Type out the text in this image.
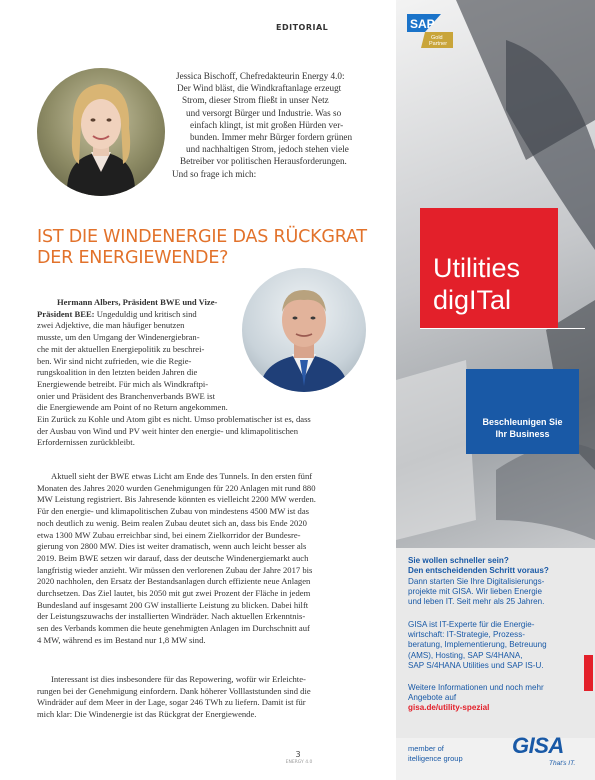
EDITORIAL
Jessica Bischoff, Chefredakteurin Energy 4.0:
Der Wind bläst, die Windkraftanlage erzeugt
Strom, dieser Strom fließt in unser Netz
und versorgt Bürger und Industrie. Was so
einfach klingt, ist mit großen Hürden ver-
bunden. Immer mehr Bürger fordern grünen
und nachhaltigen Strom, jedoch stehen viele
Betreiber vor politischen Herausforderungen.
Und so frage ich mich:
IST DIE WINDENERGIE DAS RÜCKGRAT
DER ENERGIEWENDE?
Hermann Albers, Präsident BWE und Vize-
Präsident BEE: Ungeduldig und kritisch sind
zwei Adjektive, die man häufiger benutzen
musste, um den Umgang der Windenergiebran-
che mit der aktuellen Energiepolitik zu beschrei-
ben. Wir sind nicht zufrieden, wie die Regie-
rungskoalition in den letzten beiden Jahren die
Energiewende betreibt. Für mich als Windkraftpi-
onier und Präsident des Branchenverbands BWE ist
die Energiewende am Point of no Return angekommen.
Ein Zurück zu Kohle und Atom gibt es nicht. Umso problematischer ist es, dass
der Ausbau von Wind und PV weit hinter den energie- und klimapolitischen
Erfordernissen zurückbleibt.
Aktuell sieht der BWE etwas Licht am Ende des Tunnels. In den ersten fünf
Monaten des Jahres 2020 wurden Genehmigungen für 220 Anlagen mit rund 880
MW Leistung registriert. Bis Jahresende könnten es vielleicht 2200 MW werden.
Für den energie- und klimapolitischen Zubau von mindestens 4500 MW ist das
noch deutlich zu wenig. Beim realen Zubau deutet sich an, dass bis Ende 2020
etwa 1300 MW Zubau erreichbar sind, bei einem Zielkorridor der Bundesre-
gierung von 2800 MW. Dies ist weiter dramatisch, wenn auch leicht besser als
2019. Beim BWE setzen wir darauf, dass der deutsche Windenergiemarkt auch
langfristig wieder anzieht. Wir müssen den verlorenen Zubau der Jahre 2017 bis
2020 nachholen, den Ersatz der Bestandsanlagen durch effiziente neue Anlagen
durchsetzen. Das Ziel lautet, bis 2050 mit gut zwei Prozent der Fläche in jedem
Bundesland auf insgesamt 200 GW installierte Leistung zu blicken. Dabei hilft
der Leistungszuwachs der installierten Windräder. Nach aktuellen Erkenntnis-
sen des Verbands kommen die heute genehmigten Anlagen im Durchschnitt auf
4 MW, während es im Bestand nur 1,8 MW sind.
Interessant ist dies insbesondere für das Repowering, wofür wir Erleichte-
rungen bei der Genehmigung einfordern. Dank höherer Volllaststunden sind die
Windräder auf dem Meer in der Lage, sogar 246 TWh zu liefern. Damit ist für
mich klar: Die Windenergie ist das Rückgrat der Energiewende.
3
ENERGY 4.0
SAP
Gold
Partner
Utilities
digITal
Beschleunigen Sie
Ihr Business
Sie wollen schneller sein?
Den entscheidenden Schritt voraus?
Dann starten Sie Ihre Digitalisierungs-
projekte mit GISA. Wir lieben Energie
und leben IT. Seit mehr als 25 Jahren.
GISA ist IT-Experte für die Energie-
wirtschaft: IT-Strategie, Prozess-
beratung, Implementierung, Betreuung
(AMS), Hosting, SAP S/4HANA,
SAP S/4HANA Utilities und SAP IS-U.
Weitere Informationen und noch mehr
Angebote auf
gisa.de/utility-spezial
member of
itelligence group GISA
That's IT.
